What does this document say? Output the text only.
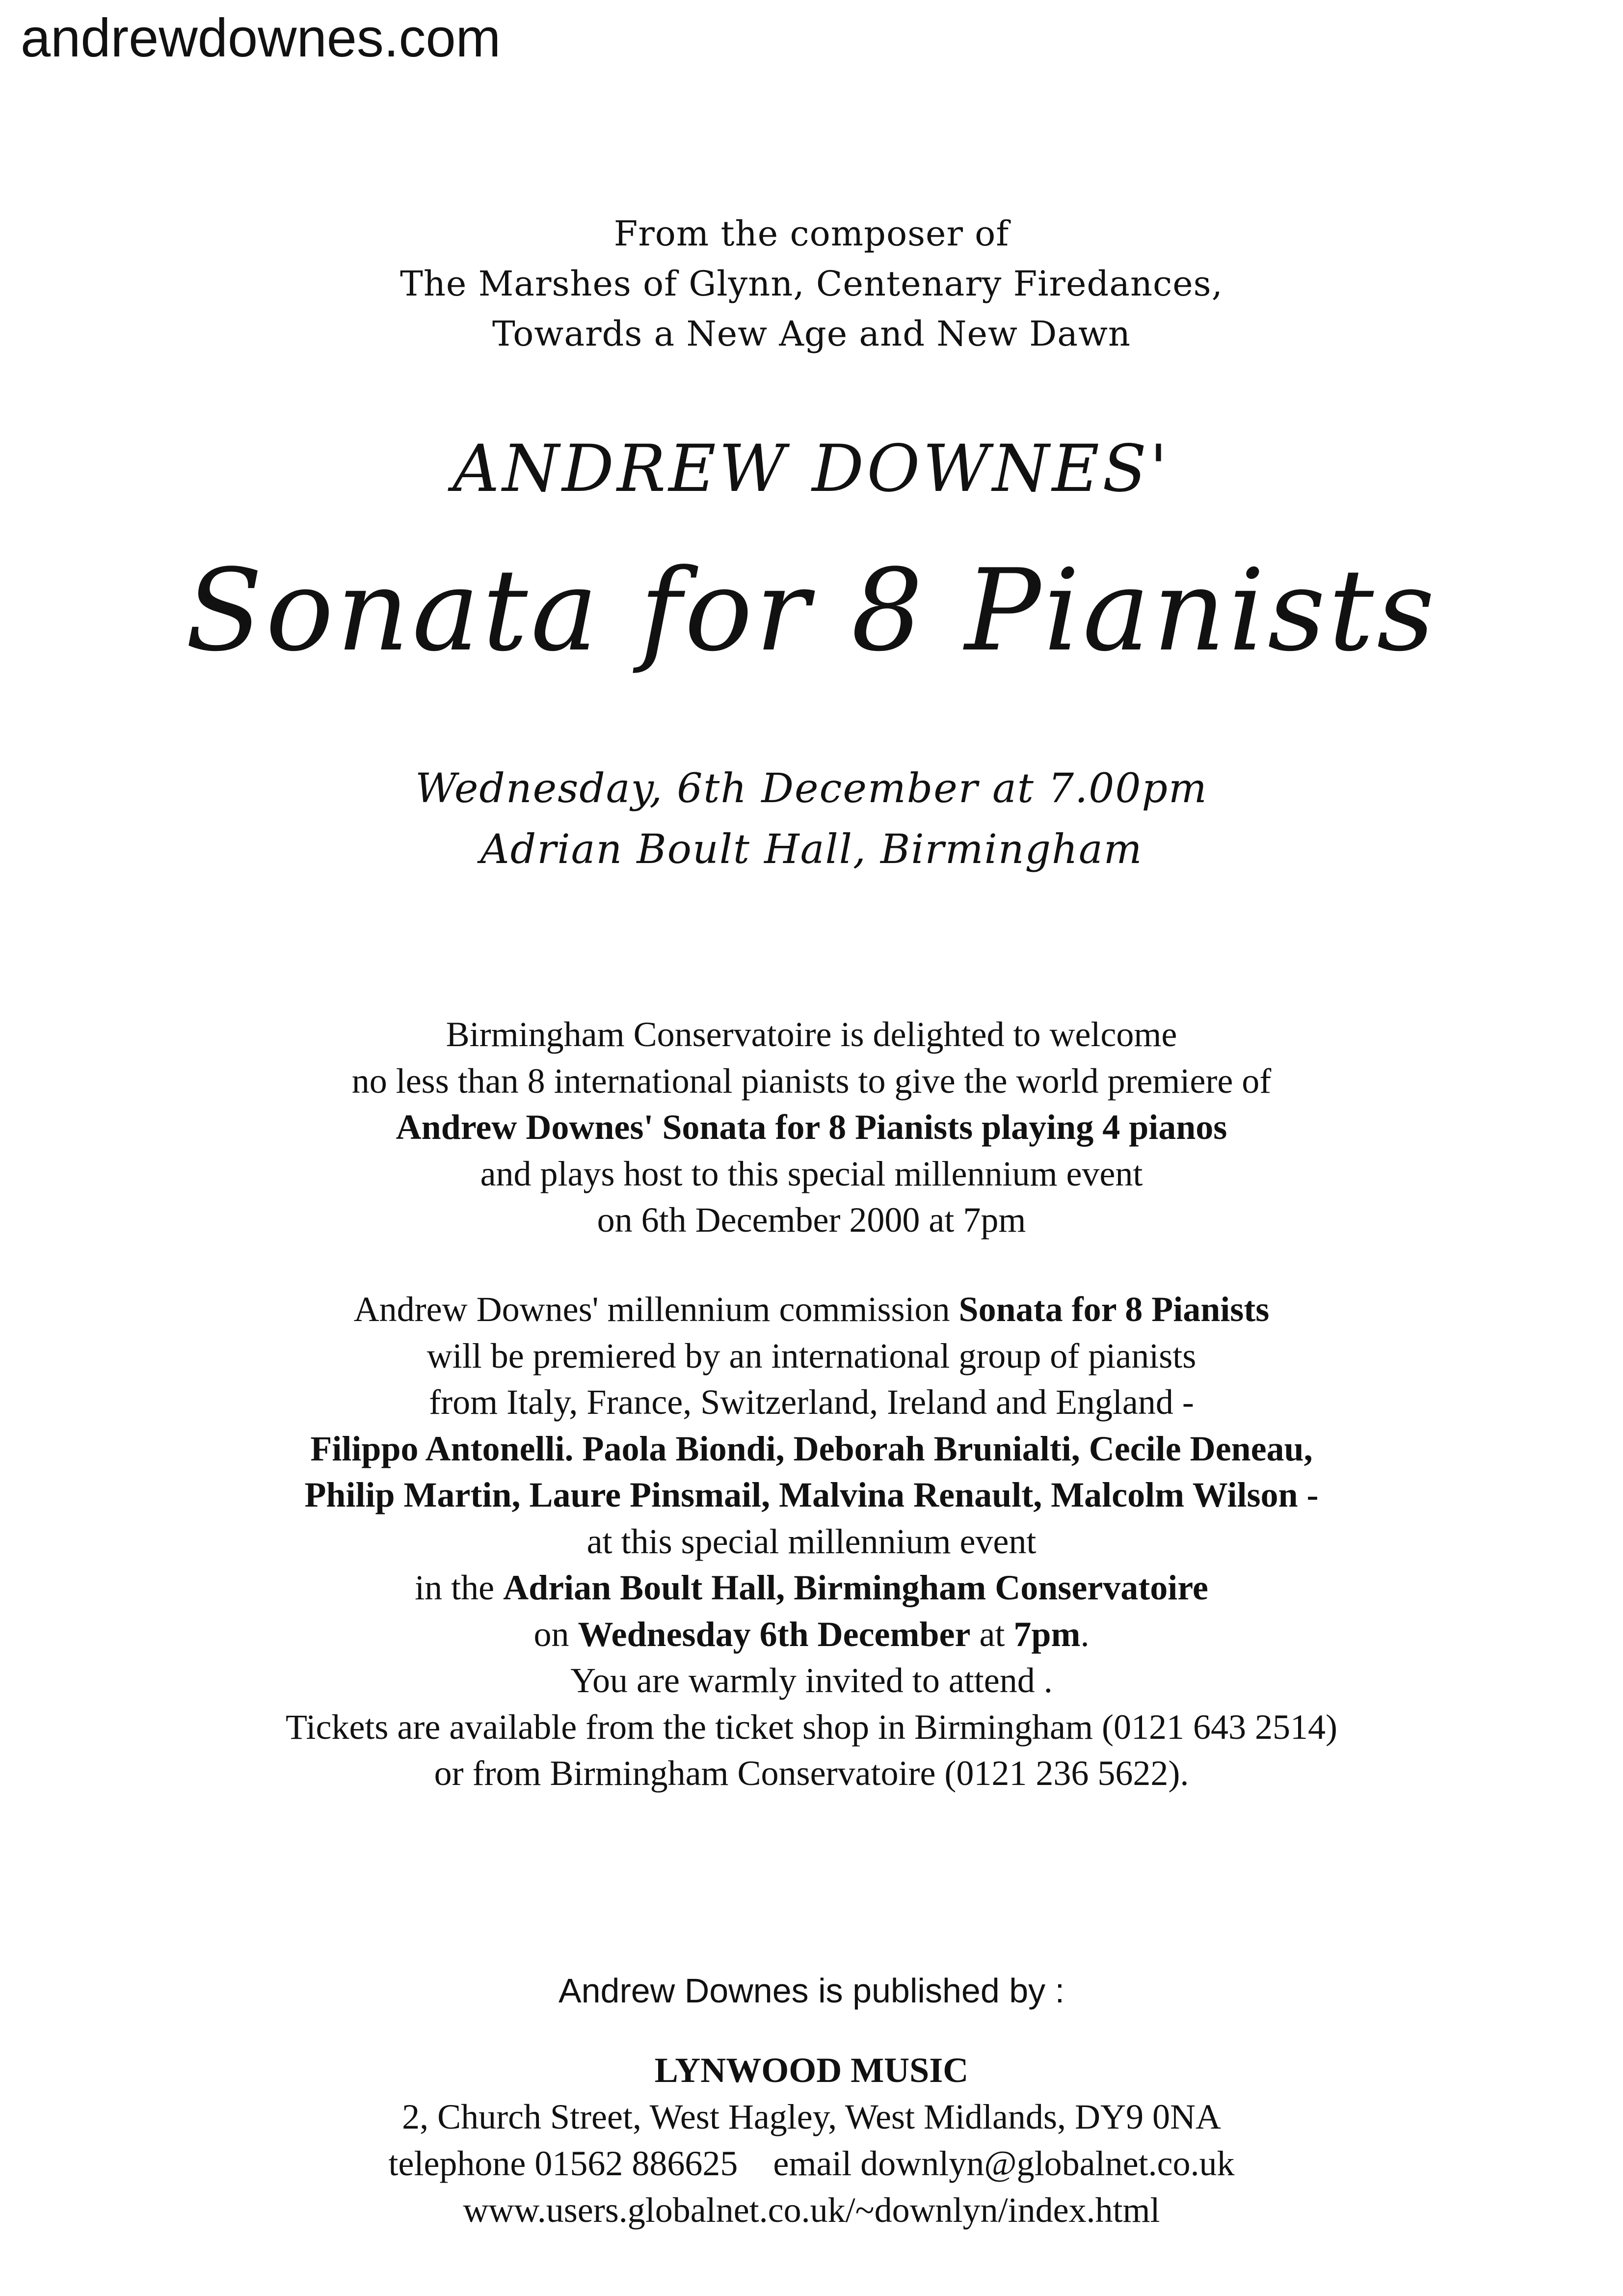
andrewdownes.com

From the composer of

The Marshes of Glynn, Centenary Firedances,

Towards a New Age and New Dawn

ANDREW DOWNES'
Sonata for 8 Pianists

Wednesday, 6th December at 7.00pm

Adrian Boult Hall, Birmingham

Birmingham Conservatoire is delighted to welcome

no less than 8 international pianists to give the world premiere of

Andrew Downes' Sonata for 8 Pianists playing 4 pianos

and plays host to this special millennium event

on 6th December 2000 at 7pm

Andrew Downes' millennium commission Sonata for 8 Pianists

will be premiered by an international group of pianists

from Italy, France, Switzerland, Ireland and England -

Filippo Antonelli. Paola Biondi, Deborah Brunialti, Cecile Deneau,

Philip Martin, Laure Pinsmail, Malvina Renault, Malcolm Wilson -

at this special millennium event

in the Adrian Boult Hall, Birmingham Conservatoire

on Wednesday 6th December at 7pm.

You are warmly invited to attend .

Tickets are available from the ticket shop in Birmingham (0121 643 2514)

or from Birmingham Conservatoire (0121 236 5622).

Andrew Downes is published by :

LYNWOOD MUSIC

2, Church Street, West Hagley, West Midlands, DY9 0NA

telephone 01562 886625    email downlyn@globalnet.co.uk

www.users.globalnet.co.uk/~downlyn/index.html
